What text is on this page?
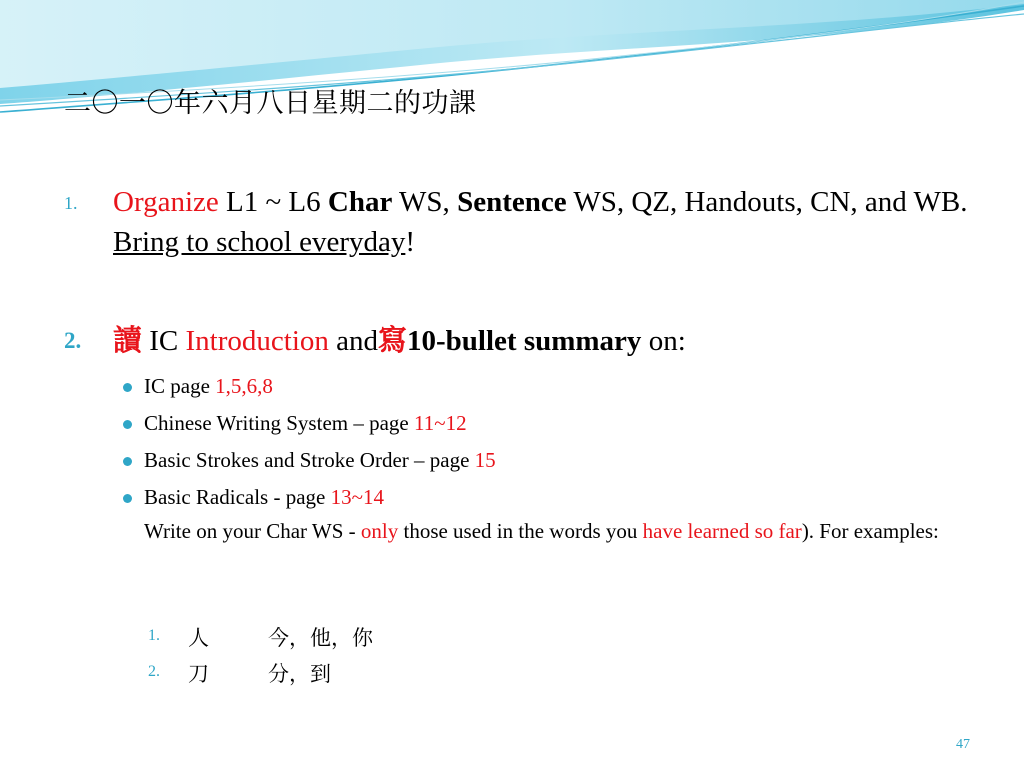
二〇一〇年六月八日星期二的功課
1. Organize L1 ~ L6 Char WS, Sentence WS, QZ, Handouts, CN, and WB. Bring to school everyday!
2. 讀 IC Introduction and寫10-bullet summary on:
IC page 1,5,6,8
Chinese Writing System – page 11~12
Basic Strokes and Stroke Order – page 15
Basic Radicals - page 13~14
Write on your Char WS - only those used in the words you have learned so far). For examples:
1. 人	今，他，你
2. 刀	分，到
47
